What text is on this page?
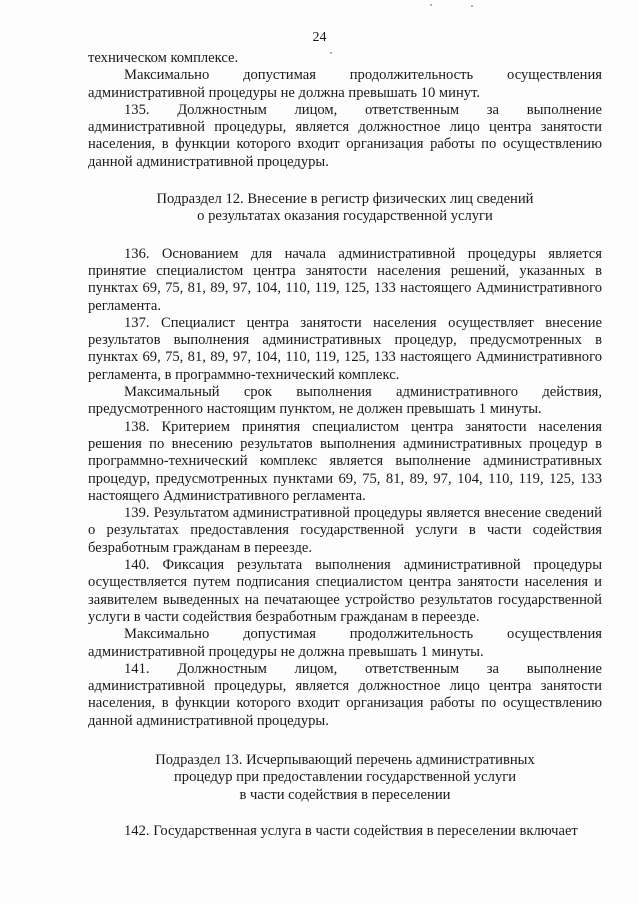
24

техническом комплексе.

Максимально допустимая продолжительность осуществления административной процедуры не должна превышать 10 минут.

135. Должностным лицом, ответственным за выполнение административной процедуры, является должностное лицо центра занятости населения, в функции которого входит организация работы по осуществлению данной административной процедуры.

Подраздел 12. Внесение в регистр физических лиц сведений

о результатах оказания государственной услуги

136. Основанием для начала административной процедуры является принятие специалистом центра занятости населения решений, указанных в пунктах 69, 75, 81, 89, 97, 104, 110, 119, 125, 133 настоящего Административного регламента.

137. Специалист центра занятости населения осуществляет внесение результатов выполнения административных процедур, предусмотренных в пунктах 69, 75, 81, 89, 97, 104, 110, 119, 125, 133 настоящего Административного регламента, в программно-технический комплекс.

Максимальный срок выполнения административного действия, предусмотренного настоящим пунктом, не должен превышать 1 минуты.

138. Критерием принятия специалистом центра занятости населения решения по внесению результатов выполнения административных процедур в программно-технический комплекс является выполнение административных процедур, предусмотренных пунктами 69, 75, 81, 89, 97, 104, 110, 119, 125, 133 настоящего Административного регламента.

139. Результатом административной процедуры является внесение сведений о результатах предоставления государственной услуги в части содействия безработным гражданам в переезде.

140. Фиксация результата выполнения административной процедуры осуществляется путем подписания специалистом центра занятости населения и заявителем выведенных на печатающее устройство результатов государственной услуги в части содействия безработным гражданам в переезде.

Максимально допустимая продолжительность осуществления административной процедуры не должна превышать 1 минуты.

141. Должностным лицом, ответственным за выполнение административной процедуры, является должностное лицо центра занятости населения, в функции которого входит организация работы по осуществлению данной административной процедуры.

Подраздел 13. Исчерпывающий перечень административных

процедур при предоставлении государственной услуги

в части содействия в переселении

142. Государственная услуга в части содействия в переселении включает
